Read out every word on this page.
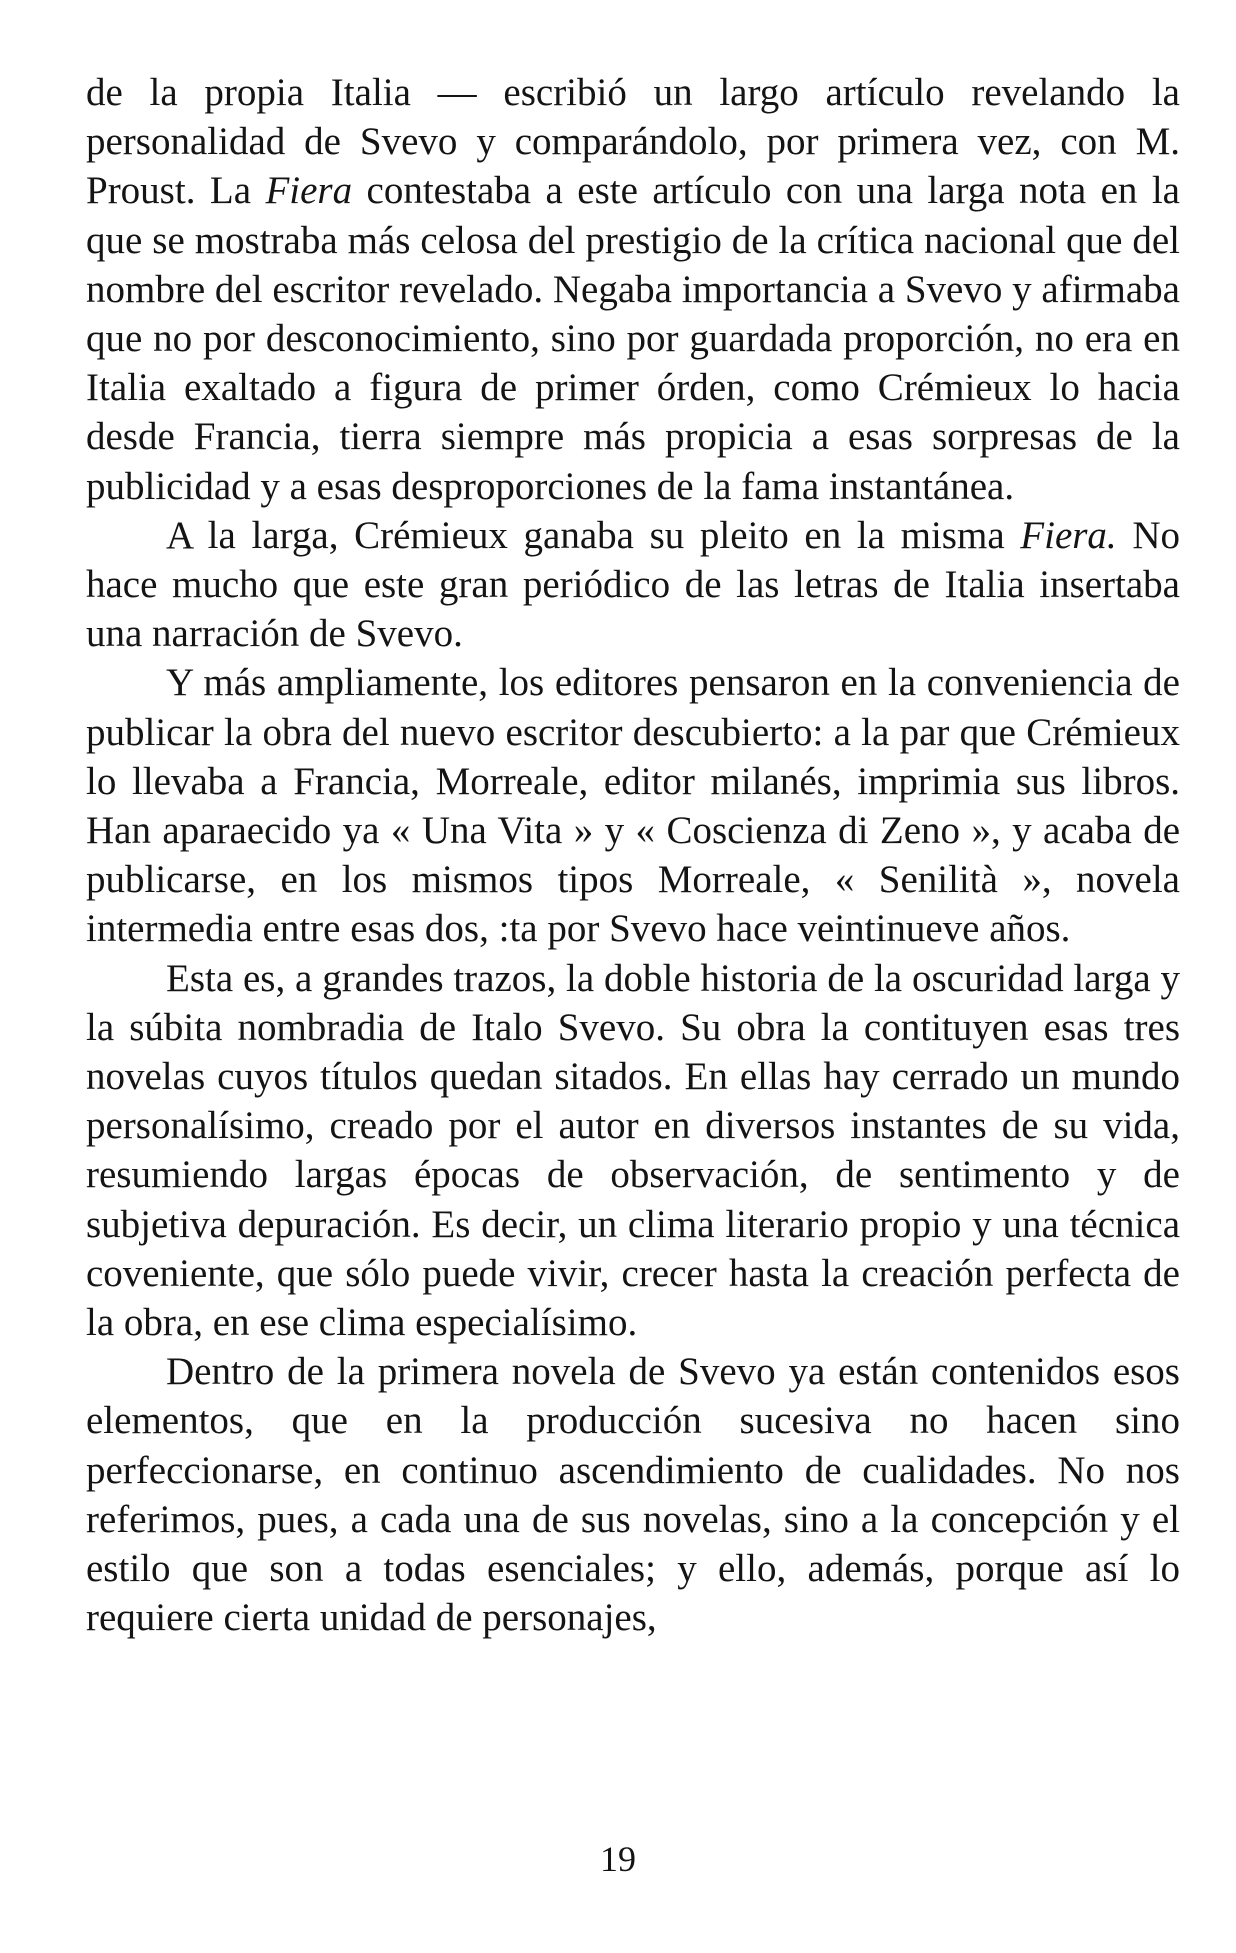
de la propia Italia — escribió un largo artículo revelando la personalidad de Svevo y comparándolo, por primera vez, con M. Proust. La Fiera contestaba a este artículo con una larga nota en la que se mostraba más celosa del prestigio de la crítica nacional que del nombre del escritor revelado. Negaba importancia a Svevo y afirmaba que no por desconocimiento, sino por guardada proporción, no era en Italia exaltado a figura de primer órden, como Crémieux lo hacia desde Francia, tierra siempre más propicia a esas sorpresas de la publicidad y a esas desproporciones de la fama instantánea.

A la larga, Crémieux ganaba su pleito en la misma Fiera. No hace mucho que este gran periódico de las letras de Italia insertaba una narración de Svevo.

Y más ampliamente, los editores pensaron en la conveniencia de publicar la obra del nuevo escritor descubierto: a la par que Crémieux lo llevaba a Francia, Morreale, editor milanés, imprimia sus libros. Han aparaecido ya « Una Vita » y « Coscienza di Zeno », y acaba de publicarse, en los mismos tipos Morreale, « Senilità », novela intermedia entre esas dos, :ta por Svevo hace veintinueve años.

Esta es, a grandes trazos, la doble historia de la oscuridad larga y la súbita nombradia de Italo Svevo. Su obra la contituyen esas tres novelas cuyos títulos quedan sitados. En ellas hay cerrado un mundo personalísimo, creado por el autor en diversos instantes de su vida, resumiendo largas épocas de observación, de sentimento y de subjetiva depuración. Es decir, un clima literario propio y una técnica coveniente, que sólo puede vivir, crecer hasta la creación perfecta de la obra, en ese clima especialísimo.

Dentro de la primera novela de Svevo ya están contenidos esos elementos, que en la producción sucesiva no hacen sino perfeccionarse, en continuo ascendimiento de cualidades. No nos referimos, pues, a cada una de sus novelas, sino a la concepción y el estilo que son a todas esenciales; y ello, además, porque así lo requiere cierta unidad de personajes,

19
